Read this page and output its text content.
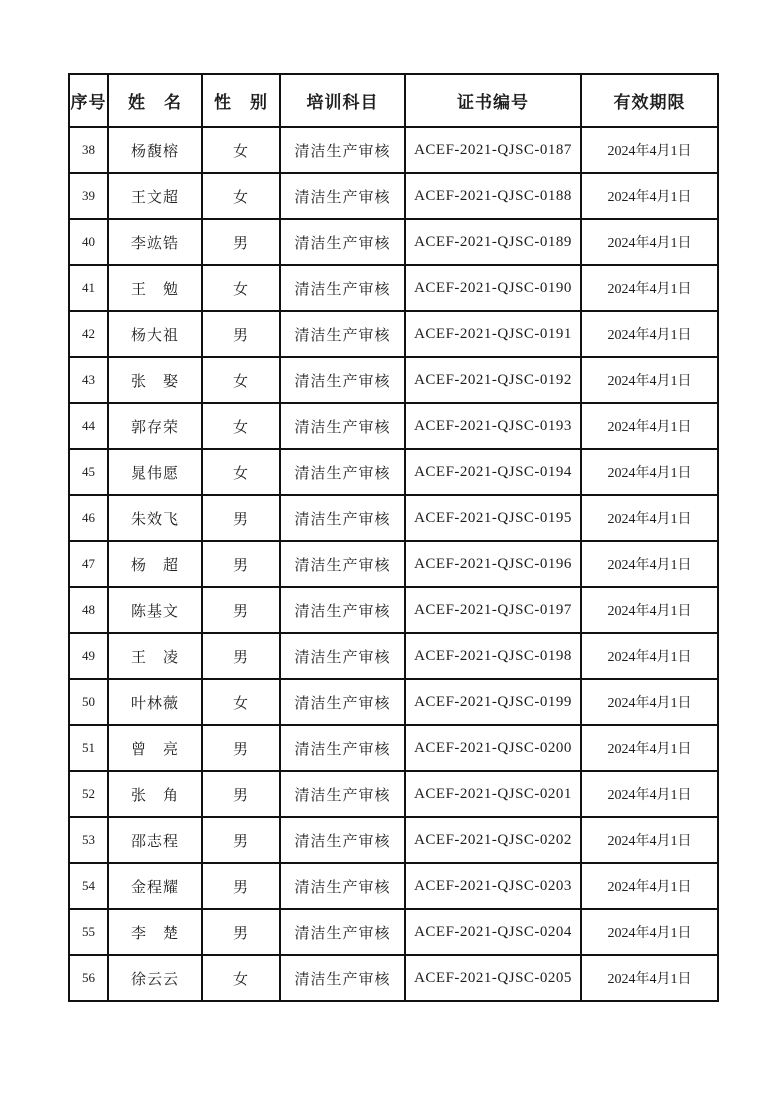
序号	姓　名	性　别	培训科目	证书编号	有效期限
38	杨馥榕	女	清洁生产审核	ACEF-2021-QJSC-0187	2024年4月1日
39	王文超	女	清洁生产审核	ACEF-2021-QJSC-0188	2024年4月1日
40	李竑锆	男	清洁生产审核	ACEF-2021-QJSC-0189	2024年4月1日
41	王　勉	女	清洁生产审核	ACEF-2021-QJSC-0190	2024年4月1日
42	杨大祖	男	清洁生产审核	ACEF-2021-QJSC-0191	2024年4月1日
43	张　娶	女	清洁生产审核	ACEF-2021-QJSC-0192	2024年4月1日
44	郭存荣	女	清洁生产审核	ACEF-2021-QJSC-0193	2024年4月1日
45	晁伟愿	女	清洁生产审核	ACEF-2021-QJSC-0194	2024年4月1日
46	朱效飞	男	清洁生产审核	ACEF-2021-QJSC-0195	2024年4月1日
47	杨　超	男	清洁生产审核	ACEF-2021-QJSC-0196	2024年4月1日
48	陈基文	男	清洁生产审核	ACEF-2021-QJSC-0197	2024年4月1日
49	王　凌	男	清洁生产审核	ACEF-2021-QJSC-0198	2024年4月1日
50	叶林薇	女	清洁生产审核	ACEF-2021-QJSC-0199	2024年4月1日
51	曾　亮	男	清洁生产审核	ACEF-2021-QJSC-0200	2024年4月1日
52	张　角	男	清洁生产审核	ACEF-2021-QJSC-0201	2024年4月1日
53	邵志程	男	清洁生产审核	ACEF-2021-QJSC-0202	2024年4月1日
54	金程耀	男	清洁生产审核	ACEF-2021-QJSC-0203	2024年4月1日
55	李　楚	男	清洁生产审核	ACEF-2021-QJSC-0204	2024年4月1日
56	徐云云	女	清洁生产审核	ACEF-2021-QJSC-0205	2024年4月1日
